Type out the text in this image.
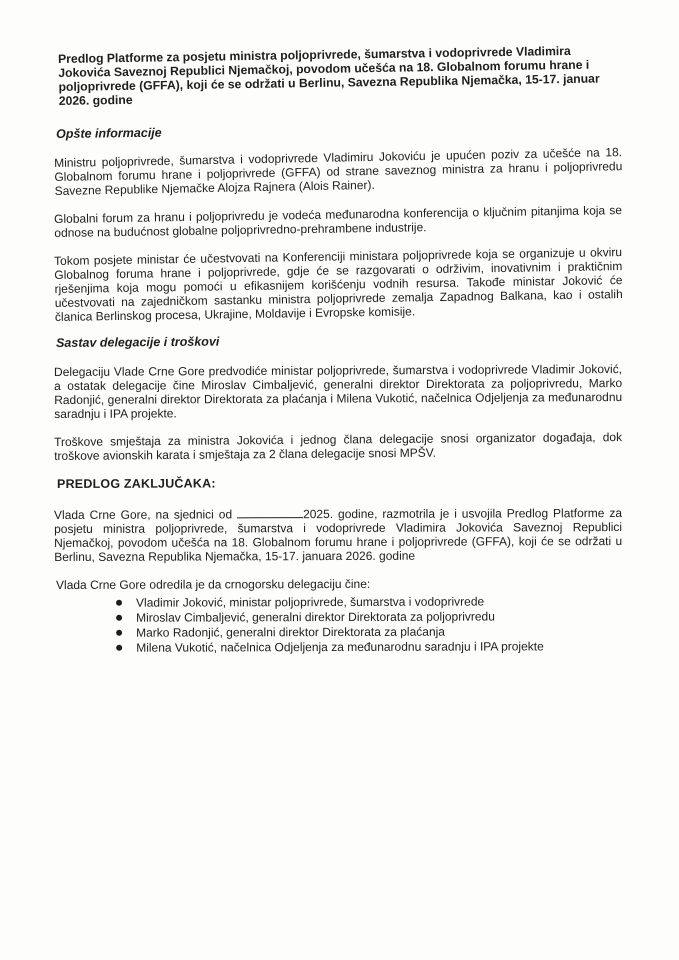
Predlog Platforme za posjetu ministra poljoprivrede, šumarstva i vodoprivrede Vladimira Jokovića Saveznoj Republici Njemačkoj, povodom učešća na 18. Globalnom forumu hrane i poljoprivrede (GFFA), koji će se održati u Berlinu, Savezna Republika Njemačka, 15-17. januar 2026. godine
Opšte informacije

Ministru poljoprivrede, šumarstva i vodoprivrede Vladimiru Jokoviću je upućen poziv za učešće na 18. Globalnom forumu hrane i poljoprivrede (GFFA) od strane saveznog ministra za hranu i poljoprivredu Savezne Republike Njemačke Alojza Rajnera (Alois Rainer).

Globalni forum za hranu i poljoprivredu je vodeća međunarodna konferencija o ključnim pitanjima koja se odnose na budućnost globalne poljoprivredno-prehrambene industrije.

Tokom posjete ministar će učestvovati na Konferenciji ministara poljoprivrede koja se organizuje u okviru Globalnog foruma hrane i poljoprivrede, gdje će se razgovarati o održivim, inovativnim i praktičnim rješenjima koja mogu pomoći u efikasnijem korišćenju vodnih resursa. Takođe ministar Joković će učestvovati na zajedničkom sastanku ministra poljoprivrede zemalja Zapadnog Balkana, kao i ostalih članica Berlinskog procesa, Ukrajine, Moldavije i Evropske komisije.

Sastav delegacije i troškovi

Delegaciju Vlade Crne Gore predvodiće ministar poljoprivrede, šumarstva i vodoprivrede Vladimir Joković, a ostatak delegacije čine Miroslav Cimbaljević, generalni direktor Direktorata za poljoprivredu, Marko Radonjić, generalni direktor Direktorata za plaćanja i Milena Vukotić, načelnica Odjeljenja za međunarodnu saradnju i IPA projekte.

Troškove smještaja za ministra Jokovića i jednog člana delegacije snosi organizator događaja, dok troškove avionskih karata i smještaja za 2 člana delegacije snosi MPŠV.

PREDLOG ZAKLJUČAKA:

Vlada Crne Gore, na sjednici od	2025. godine, razmotrila je i usvojila Predlog Platforme za posjetu ministra poljoprivrede, šumarstva i vodoprivrede Vladimira Jokovića Saveznoj Republici Njemačkoj, povodom učešća na 18. Globalnom forumu hrane i poljoprivrede (GFFA), koji će se održati u Berlinu, Savezna Republika Njemačka, 15-17. januara 2026. godine

Vlada Crne Gore odredila je da crnogorsku delegaciju čine:
Vladimir Joković, ministar poljoprivrede, šumarstva i vodoprivrede
Miroslav Cimbaljević, generalni direktor Direktorata za poljoprivredu
Marko Radonjić, generalni direktor Direktorata za plaćanja
Milena Vukotić, načelnica Odjeljenja za međunarodnu saradnju i IPA projekte
